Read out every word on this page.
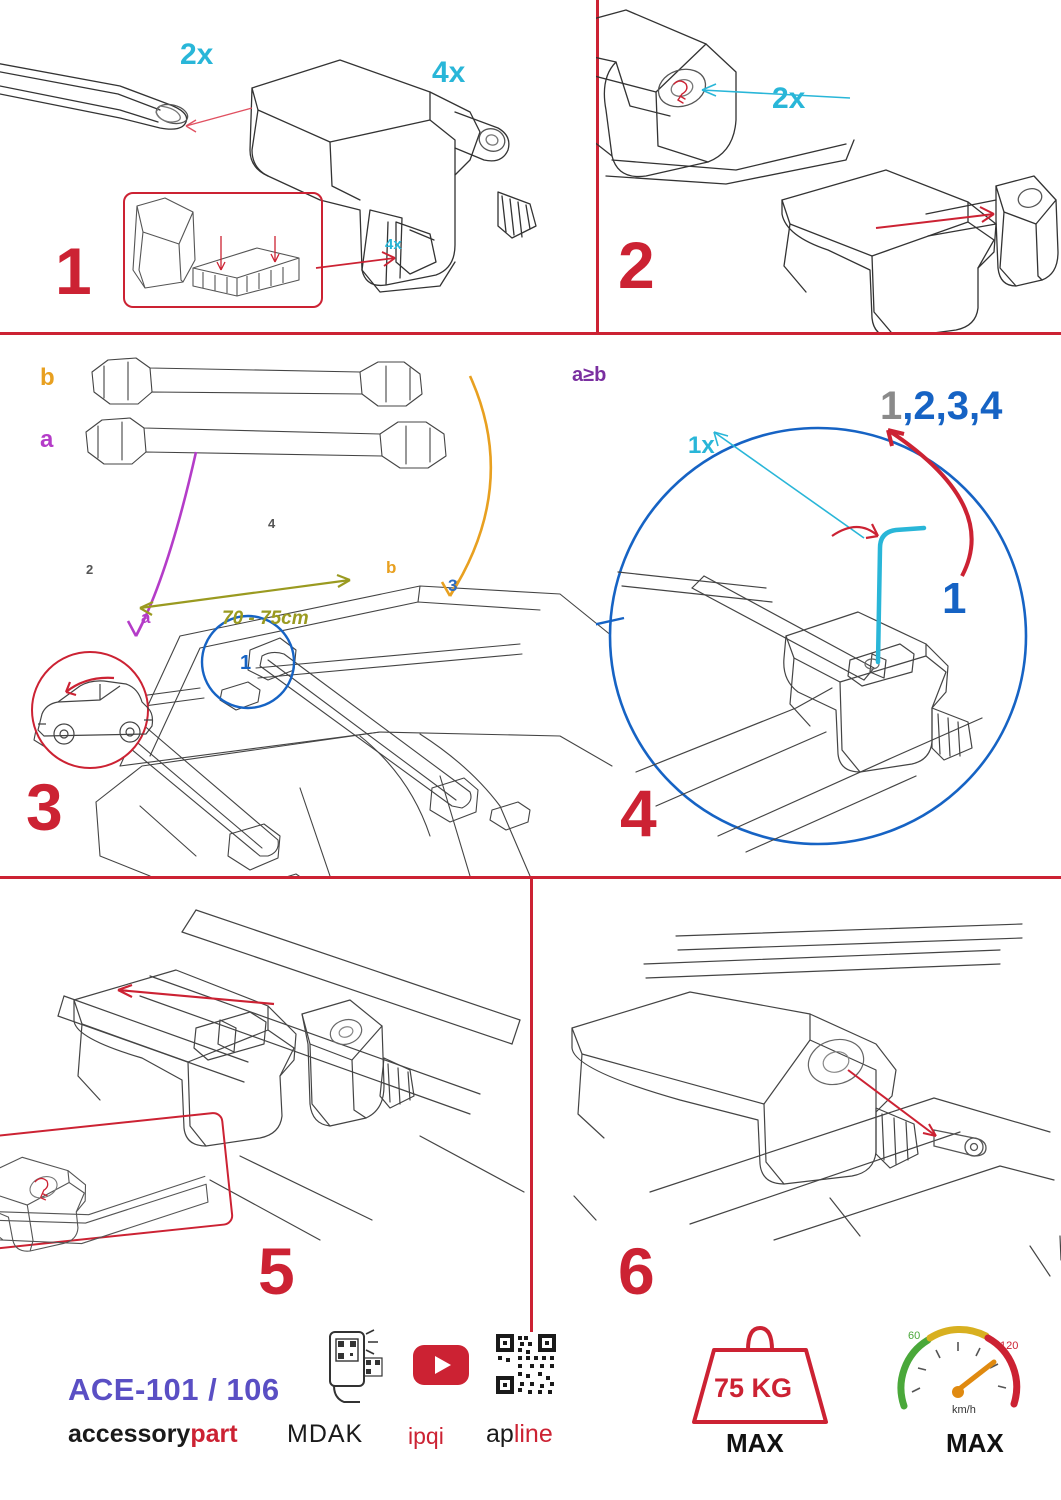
4x
2x
4x
1
2x
2
b
a
a
b
70 - 75cm
2
4
3
1
3
a≥b
1x
1,2,3,4
1
4
5	6
ACE-101 / 106
accessorypart MDAK ipqi apline
75 KG
MAX
60
120
km/h
MAX
